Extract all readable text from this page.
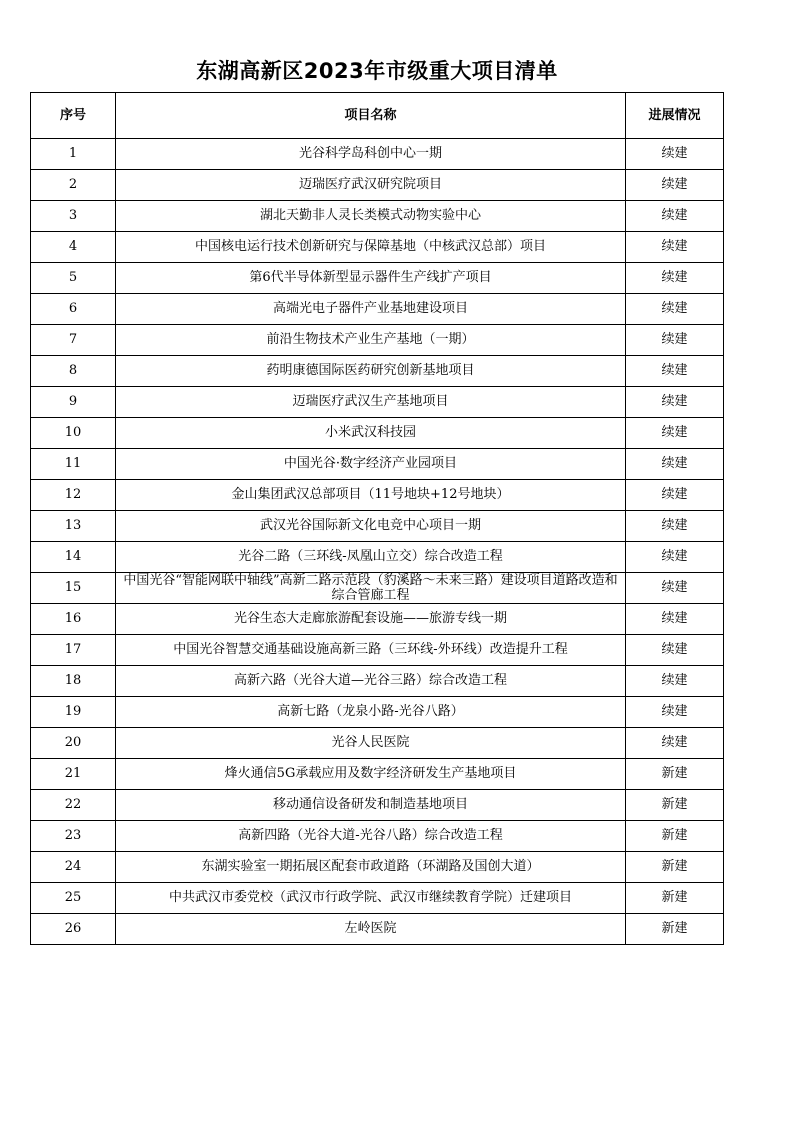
东湖高新区2023年市级重大项目清单
序号	项目名称	进展情况
1	光谷科学岛科创中心一期	续建
2	迈瑞医疗武汉研究院项目	续建
3	湖北天勤非人灵长类模式动物实验中心	续建
4	中国核电运行技术创新研究与保障基地（中核武汉总部）项目	续建
5	第6代半导体新型显示器件生产线扩产项目	续建
6	高端光电子器件产业基地建设项目	续建
7	前沿生物技术产业生产基地（一期）	续建
8	药明康德国际医药研究创新基地项目	续建
9	迈瑞医疗武汉生产基地项目	续建
10	小米武汉科技园	续建
11	中国光谷·数字经济产业园项目	续建
12	金山集团武汉总部项目（11号地块+12号地块）	续建
13	武汉光谷国际新文化电竞中心项目一期	续建
14	光谷二路（三环线-凤凰山立交）综合改造工程	续建
15	中国光谷“智能网联中轴线”高新二路示范段（豹溪路～未来三路）建设项目道路改造和综合管廊工程	续建
16	光谷生态大走廊旅游配套设施——旅游专线一期	续建
17	中国光谷智慧交通基础设施高新三路（三环线-外环线）改造提升工程	续建
18	高新六路（光谷大道—光谷三路）综合改造工程	续建
19	高新七路（龙泉小路-光谷八路）	续建
20	光谷人民医院	续建
21	烽火通信5G承载应用及数字经济研发生产基地项目	新建
22	移动通信设备研发和制造基地项目	新建
23	高新四路（光谷大道-光谷八路）综合改造工程	新建
24	东湖实验室一期拓展区配套市政道路（环湖路及国创大道）	新建
25	中共武汉市委党校（武汉市行政学院、武汉市继续教育学院）迁建项目	新建
26	左岭医院	新建
